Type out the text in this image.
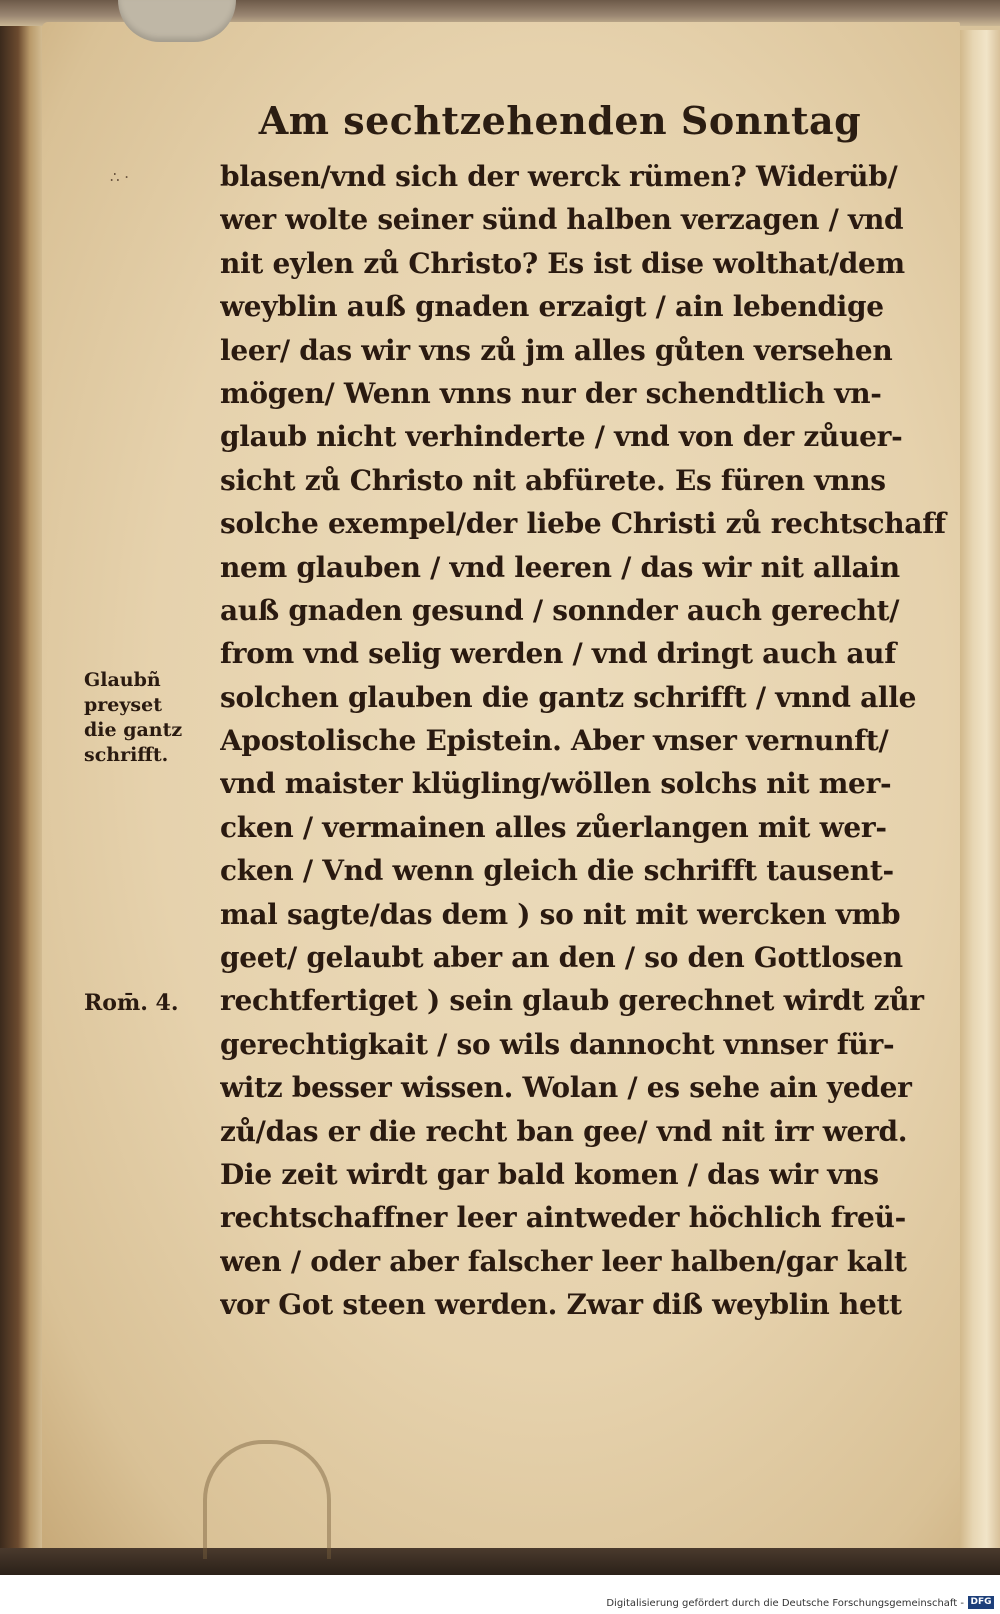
Am sechtzehenden Sonntag
∴ ·	blasen/vnd sich der werck rümen? Widerüb/
wer wolte seiner sünd halben verzagen / vnd
nit eylen zů Christo? Es ist dise wolthat/dem
weyblin auß gnaden erzaigt / ain lebendige
leer/ das wir vns zů jm alles gůten versehen
mögen/ Wenn vnns nur der schendtlich vn-
glaub nicht verhinderte / vnd von der zůuer-
sicht zů Christo nit abfürete. Es füren vnns
solche exempel/der liebe Christi zů rechtschaff
nem glauben / vnd leeren / das wir nit allain
auß gnaden gesund / sonnder auch gerecht/
from vnd selig werden / vnd dringt auch auf
solchen glauben die gantz schrifft / vnnd alle
Apostolische Epistein. Aber vnser vernunft/
vnd maister klügling/wöllen solchs nit mer-
cken / vermainen alles zůerlangen mit wer-
cken / Vnd wenn gleich die schrifft tausent-
mal sagte/das dem ) so nit mit wercken vmb
geet/ gelaubt aber an den / so den Gottlosen
rechtfertiget ) sein glaub gerechnet wirdt zůr
gerechtigkait / so wils dannocht vnnser für-
witz besser wissen. Wolan / es sehe ain yeder
zů/das er die recht ban gee/ vnd nit irr werd.
Die zeit wirdt gar bald komen / das wir vns
rechtschaffner leer aintweder höchlich freü-
wen / oder aber falscher leer halben/gar kalt
vor Got steen werden. Zwar diß weyblin hett
Glaubñ
preyset
die gantz
schrifft.
Rom̄. 4.
Digitalisierung gefördert durch die Deutsche Forschungsgemeinschaft - DFG
